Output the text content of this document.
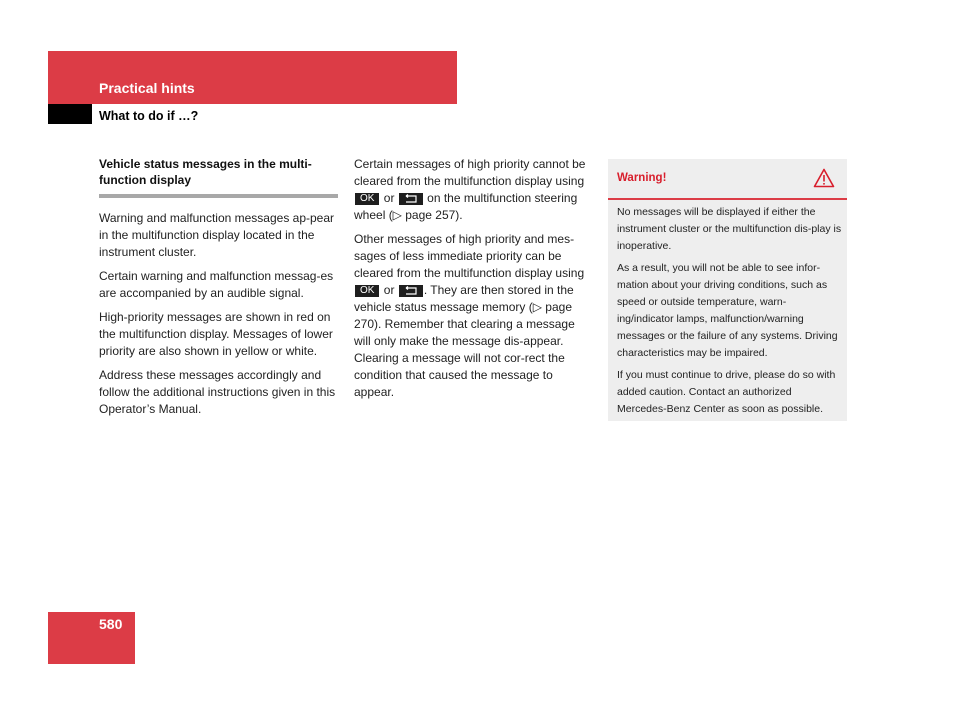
Practical hints
What to do if …?
Vehicle status messages in the multi-function display

Warning and malfunction messages ap-pear in the multifunction display located in the instrument cluster.

Certain warning and malfunction messag-es are accompanied by an audible signal.

High-priority messages are shown in red on the multifunction display. Messages of lower priority are also shown in yellow or white.

Address these messages accordingly and follow the additional instructions given in this Operator’s Manual.

Certain messages of high priority cannot be cleared from the multifunction display using OK or	on the multifunction steering wheel (▷ page 257).

Other messages of high priority and mes-sages of less immediate priority can be cleared from the multifunction display using OK or . They are then stored in the vehicle status message memory (▷ page 270). Remember that clearing a message will only make the message dis-appear. Clearing a message will not cor-rect the condition that caused the message to appear.

Warning!

No messages will be displayed if either the instrument cluster or the multifunction dis-play is inoperative.

As a result, you will not be able to see infor-mation about your driving conditions, such as speed or outside temperature, warn-ing/indicator lamps, malfunction/warning messages or the failure of any systems. Driving characteristics may be impaired.

If you must continue to drive, please do so with added caution. Contact an authorized Mercedes-Benz Center as soon as possible.

580
